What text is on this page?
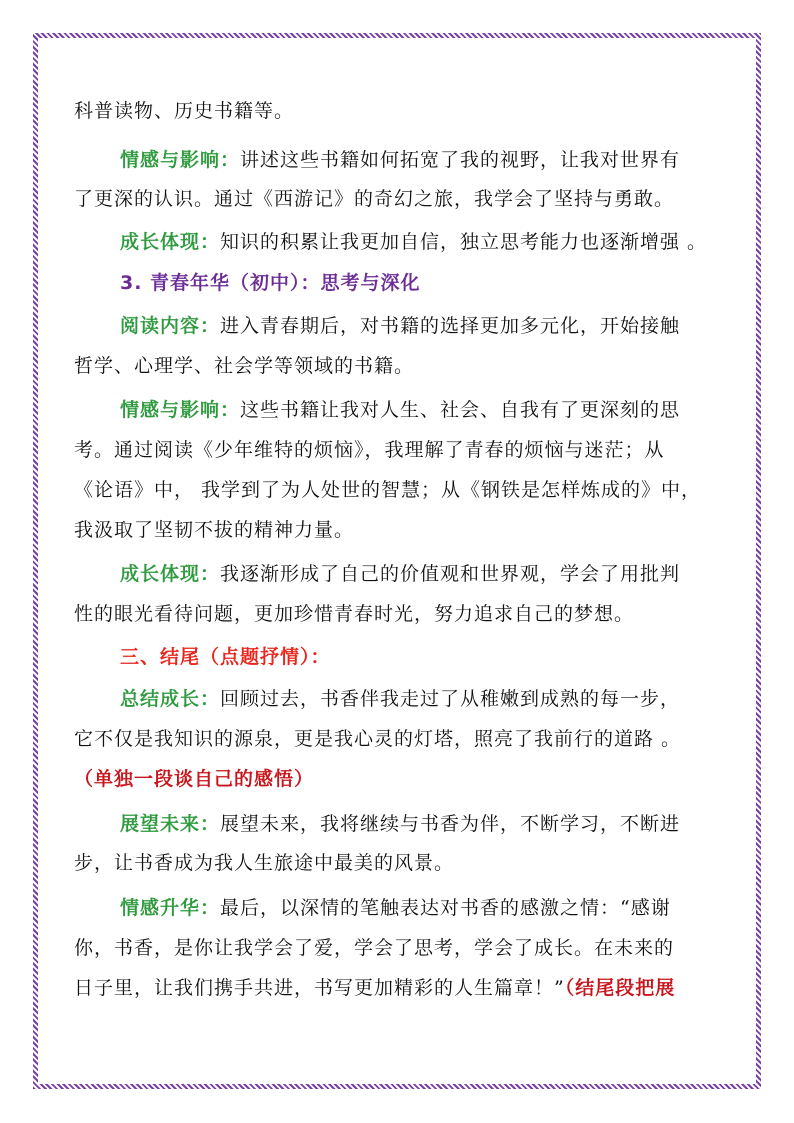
科普读物、历史书籍等。
情感与影响：讲述这些书籍如何拓宽了我的视野，让我对世界有
了更深的认识。通过《西游记》的奇幻之旅，我学会了坚持与勇敢。
成长体现：知识的积累让我更加自信，独立思考能力也逐渐增强 。
3. 青春年华（初中）：思考与深化
阅读内容：进入青春期后，对书籍的选择更加多元化，开始接触
哲学、心理学、社会学等领域的书籍。
情感与影响：这些书籍让我对人生、社会、自我有了更深刻的思
考。通过阅读《少年维特的烦恼》，我理解了青春的烦恼与迷茫；从
《论语》中， 我学到了为人处世的智慧；从《钢铁是怎样炼成的》中，
我汲取了坚韧不拔的精神力量。
成长体现：我逐渐形成了自己的价值观和世界观，学会了用批判
性的眼光看待问题，更加珍惜青春时光，努力追求自己的梦想。
三、结尾（点题抒情）：
总结成长：回顾过去，书香伴我走过了从稚嫩到成熟的每一步，
它不仅是我知识的源泉，更是我心灵的灯塔，照亮了我前行的道路 。
（单独一段谈自己的感悟）
展望未来：展望未来，我将继续与书香为伴，不断学习，不断进
步，让书香成为我人生旅途中最美的风景。
情感升华：最后，以深情的笔触表达对书香的感激之情：“感谢
你，书香，是你让我学会了爱，学会了思考，学会了成长。在未来的
日子里，让我们携手共进，书写更加精彩的人生篇章！”（结尾段把展
